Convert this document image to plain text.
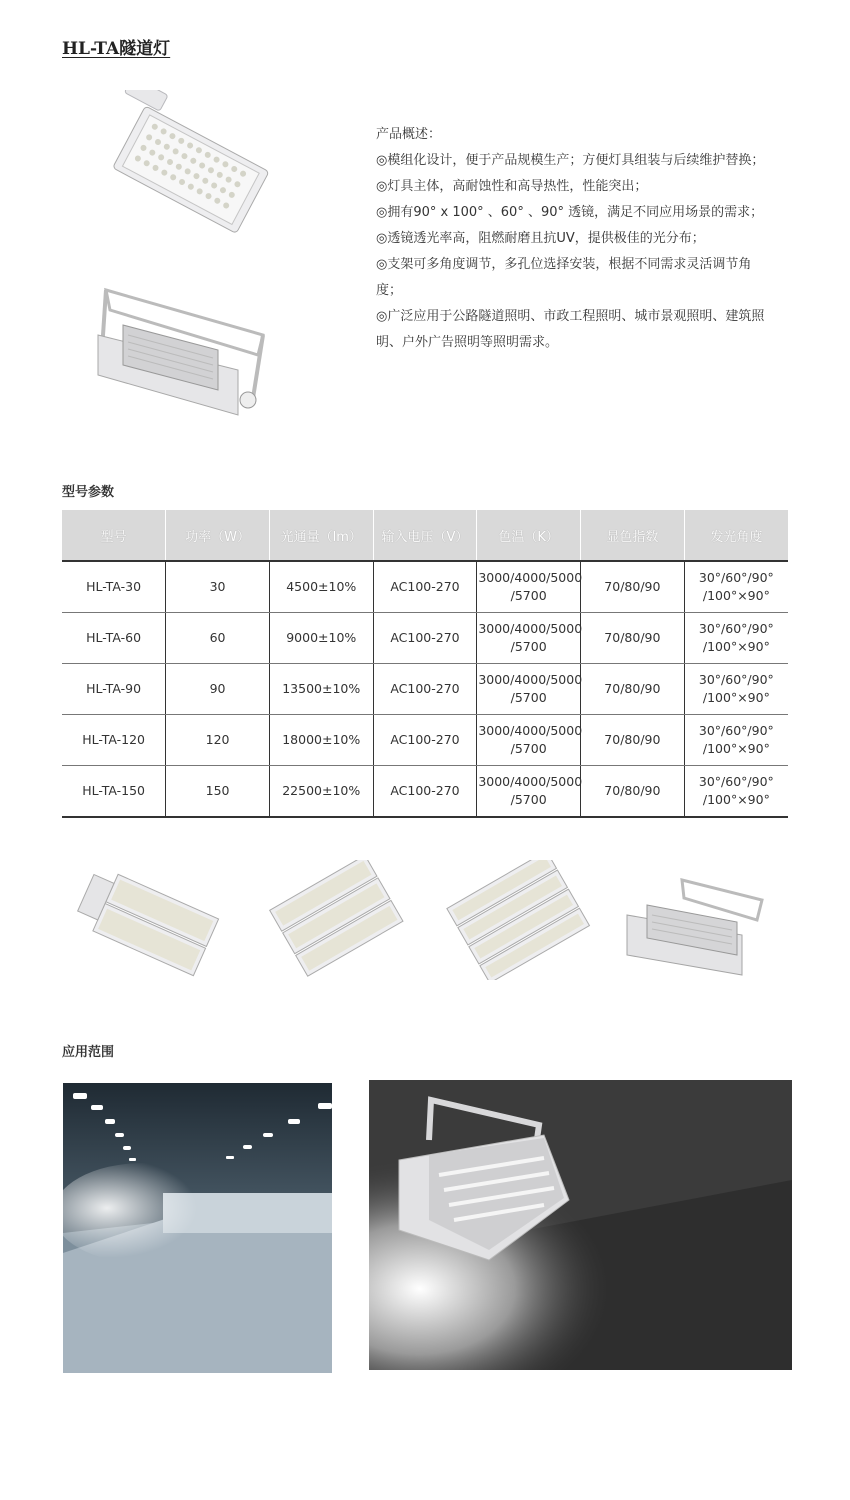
HL-TA隧道灯

产品概述：

◎模组化设计，便于产品规模生产；方便灯具组装与后续维护替换；

◎灯具主体，高耐蚀性和高导热性，性能突出；

◎拥有90° x 100° 、60° 、90° 透镜，满足不同应用场景的需求；

◎透镜透光率高，阻燃耐磨且抗UV，提供极佳的光分布；

◎支架可多角度调节，多孔位选择安装，根据不同需求灵活调节角度；

◎广泛应用于公路隧道照明、市政工程照明、城市景观照明、建筑照明、户外广告照明等照明需求。

型号参数
型号	功率（W）	光通量（lm）	输入电压（V）	色温（K）	显色指数	发光角度
HL-TA-30	30	4500±10%	AC100-270	3000/4000/5000 /5700	70/80/90	30°/60°/90° /100°×90°
HL-TA-60	60	9000±10%	AC100-270	3000/4000/5000 /5700	70/80/90	30°/60°/90° /100°×90°
HL-TA-90	90	13500±10%	AC100-270	3000/4000/5000 /5700	70/80/90	30°/60°/90° /100°×90°
HL-TA-120	120	18000±10%	AC100-270	3000/4000/5000 /5700	70/80/90	30°/60°/90° /100°×90°
HL-TA-150	150	22500±10%	AC100-270	3000/4000/5000 /5700	70/80/90	30°/60°/90° /100°×90°
应用范围
